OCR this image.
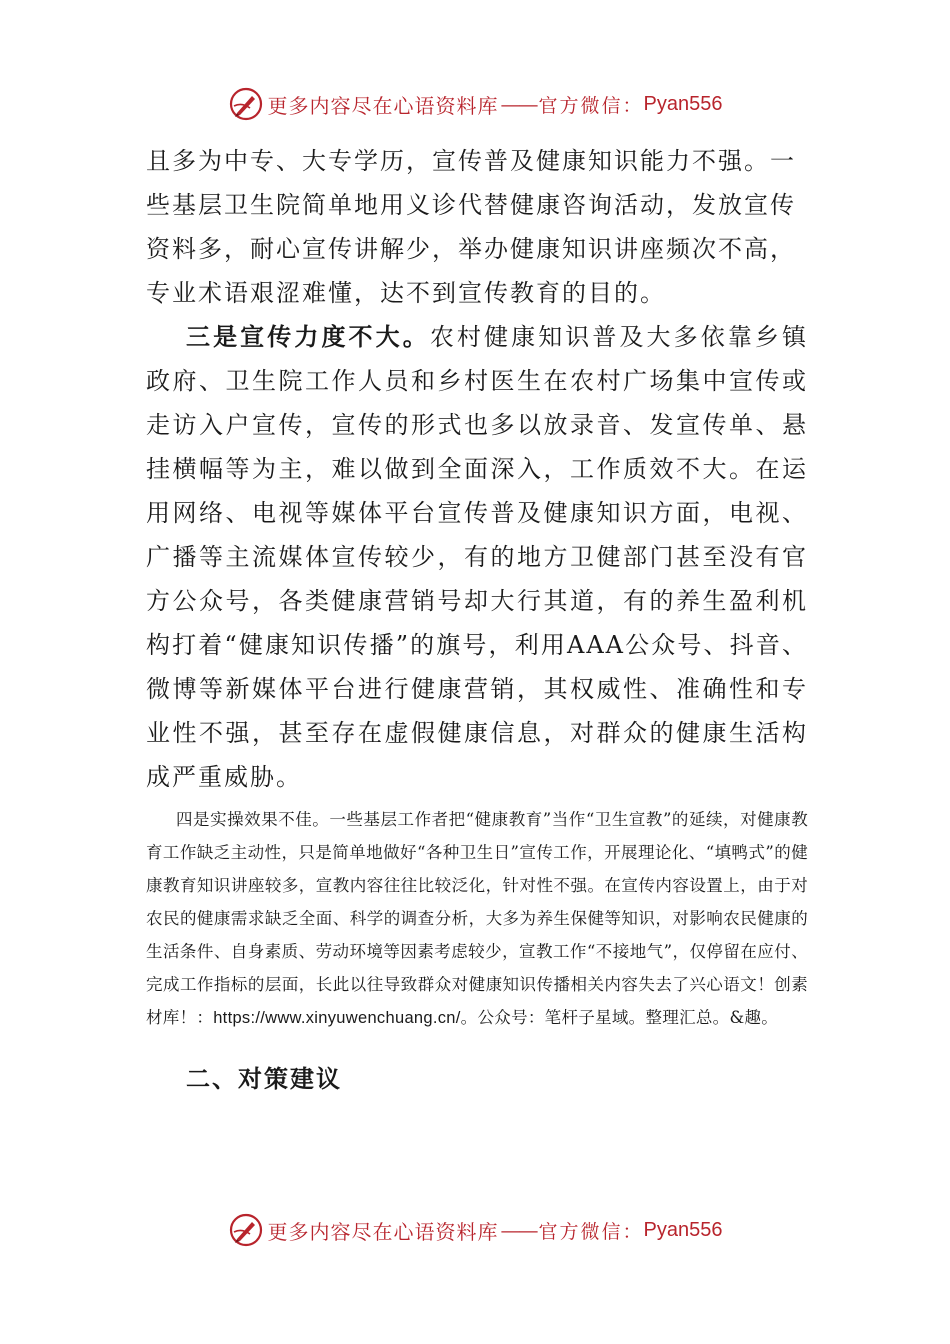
更多内容尽在心语资料库 —— 官方微信： Pyan556

且多为中专、大专学历，宣传普及健康知识能力不强。一
些基层卫生院简单地用义诊代替健康咨询活动，发放宣传
资料多，耐心宣传讲解少，举办健康知识讲座频次不高，
专业术语艰涩难懂，达不到宣传教育的目的。

三是宣传力度不大。农村健康知识普及大多依靠乡镇政府、卫生院工作人员和乡村医生在农村广场集中宣传或走访入户宣传，宣传的形式也多以放录音、发宣传单、悬挂横幅等为主，难以做到全面深入，工作质效不大。在运用网络、电视等媒体平台宣传普及健康知识方面，电视、广播等主流媒体宣传较少，有的地方卫健部门甚至没有官方公众号，各类健康营销号却大行其道，有的养生盈利机构打着“健康知识传播”的旗号，利用AAA公众号、抖音、微博等新媒体平台进行健康营销，其权威性、准确性和专业性不强，甚至存在虚假健康信息，对群众的健康生活构成严重威胁。

四是实操效果不佳。一些基层工作者把“健康教育”当作“卫生宣教”的延续，对健康教育工作缺乏主动性，只是简单地做好“各种卫生日”宣传工作，开展理论化、“填鸭式”的健康教育知识讲座较多，宣教内容往往比较泛化，针对性不强。在宣传内容设置上，由于对农民的健康需求缺乏全面、科学的调查分析，大多为养生保健等知识，对影响农民健康的生活条件、自身素质、劳动环境等因素考虑较少，宣教工作“不接地气”，仅停留在应付、完成工作指标的层面，长此以往导致群众对健康知识传播相关内容失去了兴心语文！创素材库！：https://www.xinyuwenchuang.cn/。公众号：笔杆子星域。整理汇总。&趣。

二、对策建议
更多内容尽在心语资料库 —— 官方微信： Pyan556
